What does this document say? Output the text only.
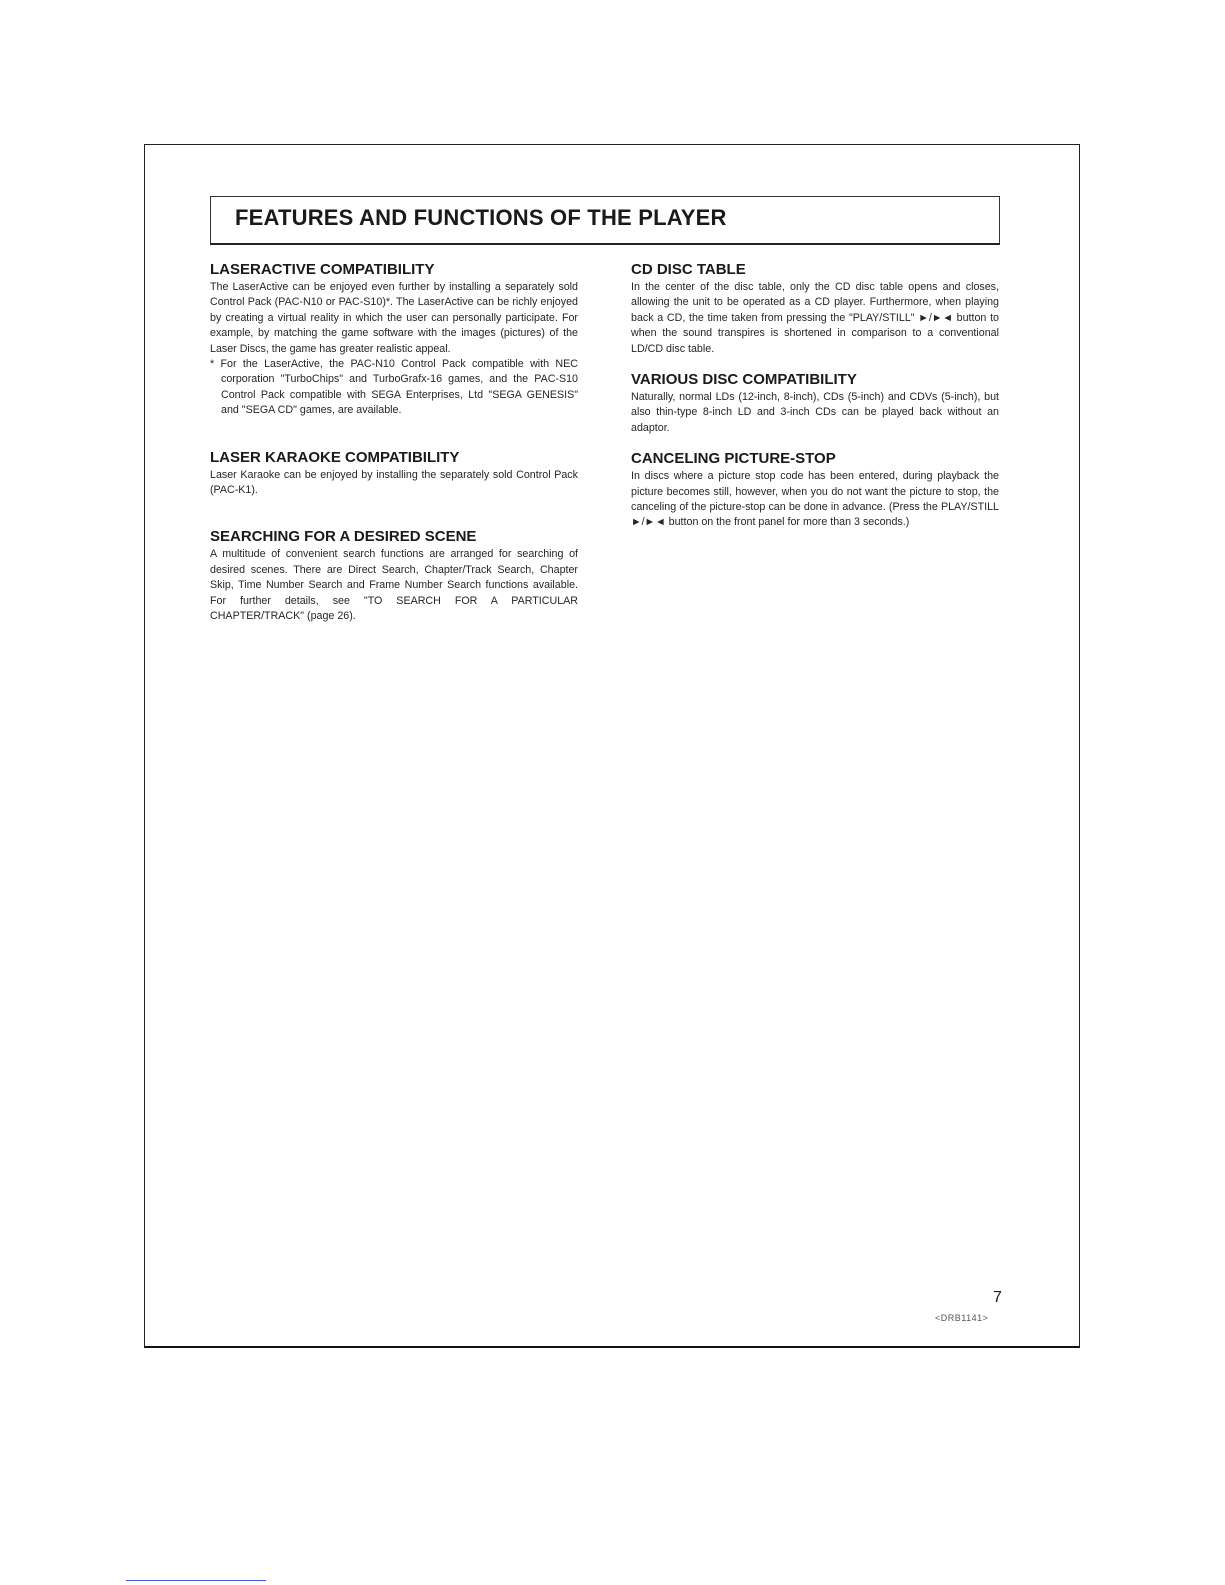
FEATURES AND FUNCTIONS OF THE PLAYER
LASERACTIVE COMPATIBILITY

The LaserActive can be enjoyed even further by installing a separately sold Control Pack (PAC-N10 or PAC-S10)*. The LaserActive can be richly enjoyed by creating a virtual reality in which the user can personally participate. For example, by matching the game software with the images (pictures) of the Laser Discs, the game has greater realistic appeal.

* For the LaserActive, the PAC-N10 Control Pack compatible with NEC corporation "TurboChips" and TurboGrafx-16 games, and the PAC-S10 Control Pack compatible with SEGA Enterprises, Ltd "SEGA GENESIS" and "SEGA CD" games, are available.

LASER KARAOKE COMPATIBILITY

Laser Karaoke can be enjoyed by installing the separately sold Control Pack (PAC-K1).

SEARCHING FOR A DESIRED SCENE

A multitude of convenient search functions are arranged for searching of desired scenes. There are Direct Search, Chapter/Track Search, Chapter Skip, Time Number Search and Frame Number Search functions available. For further details, see "TO SEARCH FOR A PARTICULAR CHAPTER/TRACK" (page 26).

CD DISC TABLE

In the center of the disc table, only the CD disc table opens and closes, allowing the unit to be operated as a CD player. Furthermore, when playing back a CD, the time taken from pressing the "PLAY/STILL" ►/►◄ button to when the sound transpires is shortened in comparison to a conventional LD/CD disc table.

VARIOUS DISC COMPATIBILITY

Naturally, normal LDs (12-inch, 8-inch), CDs (5-inch) and CDVs (5-inch), but also thin-type 8-inch LD and 3-inch CDs can be played back without an adaptor.

CANCELING PICTURE-STOP

In discs where a picture stop code has been entered, during playback the picture becomes still, however, when you do not want the picture to stop, the canceling of the picture-stop can be done in advance. (Press the PLAY/STILL ►/►◄ button on the front panel for more than 3 seconds.)

7
<DRB1141>
